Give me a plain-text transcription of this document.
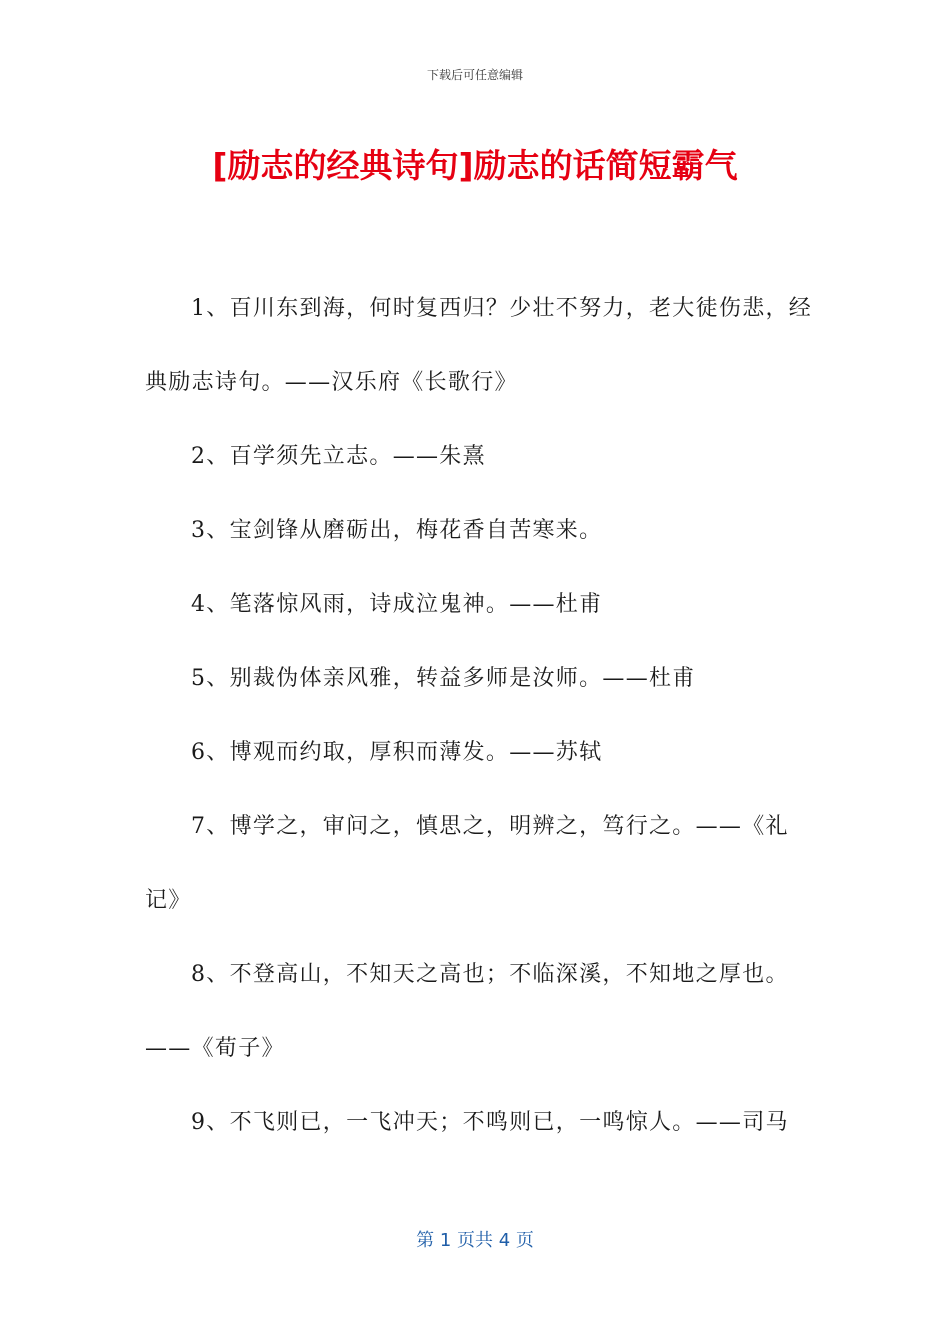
下载后可任意编辑
[励志的经典诗句]励志的话简短霸气

1、百川东到海，何时复西归？少壮不努力，老大徒伤悲，经典励志诗句。——汉乐府《长歌行》

2、百学须先立志。——朱熹

3、宝剑锋从磨砺出，梅花香自苦寒来。

4、笔落惊风雨，诗成泣鬼神。——杜甫

5、别裁伪体亲风雅，转益多师是汝师。——杜甫

6、博观而约取，厚积而薄发。——苏轼

7、博学之，审问之，慎思之，明辨之，笃行之。——《礼记》

8、不登高山，不知天之高也；不临深溪，不知地之厚也。——《荀子》

9、不飞则已，一飞冲天；不鸣则已，一鸣惊人。——司马

第 1 页共 4 页
